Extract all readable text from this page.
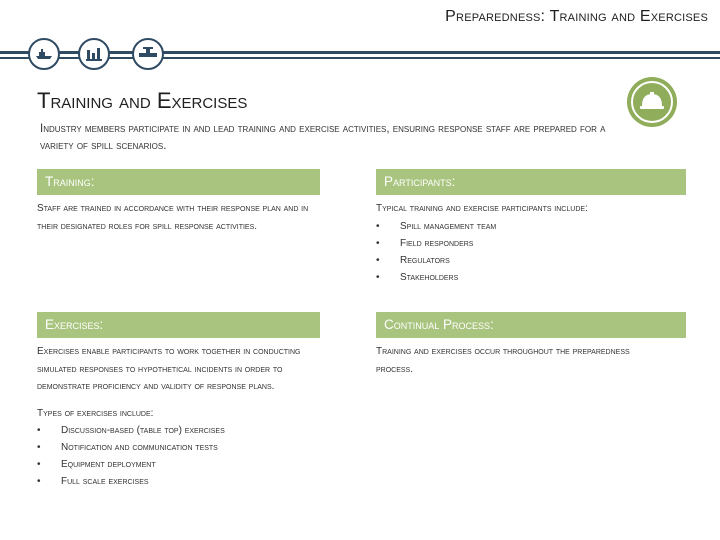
Preparedness: Training and Exercises
Training and Exercises
Industry members participate in and lead training and exercise activities, ensuring response staff are prepared for a variety of spill scenarios.
Training:
Staff are trained in accordance with their response plan and in their designated roles for spill response activities.
Participants:

Typical training and exercise participants include:

• Spill management team
• Field responders
• Regulators
• Stakeholders
Exercises:

Exercises enable participants to work together in conducting simulated responses to hypothetical incidents in order to demonstrate proficiency and validity of response plans.

Types of exercises include:

• Discussion-based (table top) exercises
• Notification and communication tests
• Equipment deployment
• Full scale exercises
Continual Process:
Training and exercises occur throughout the preparedness process.
